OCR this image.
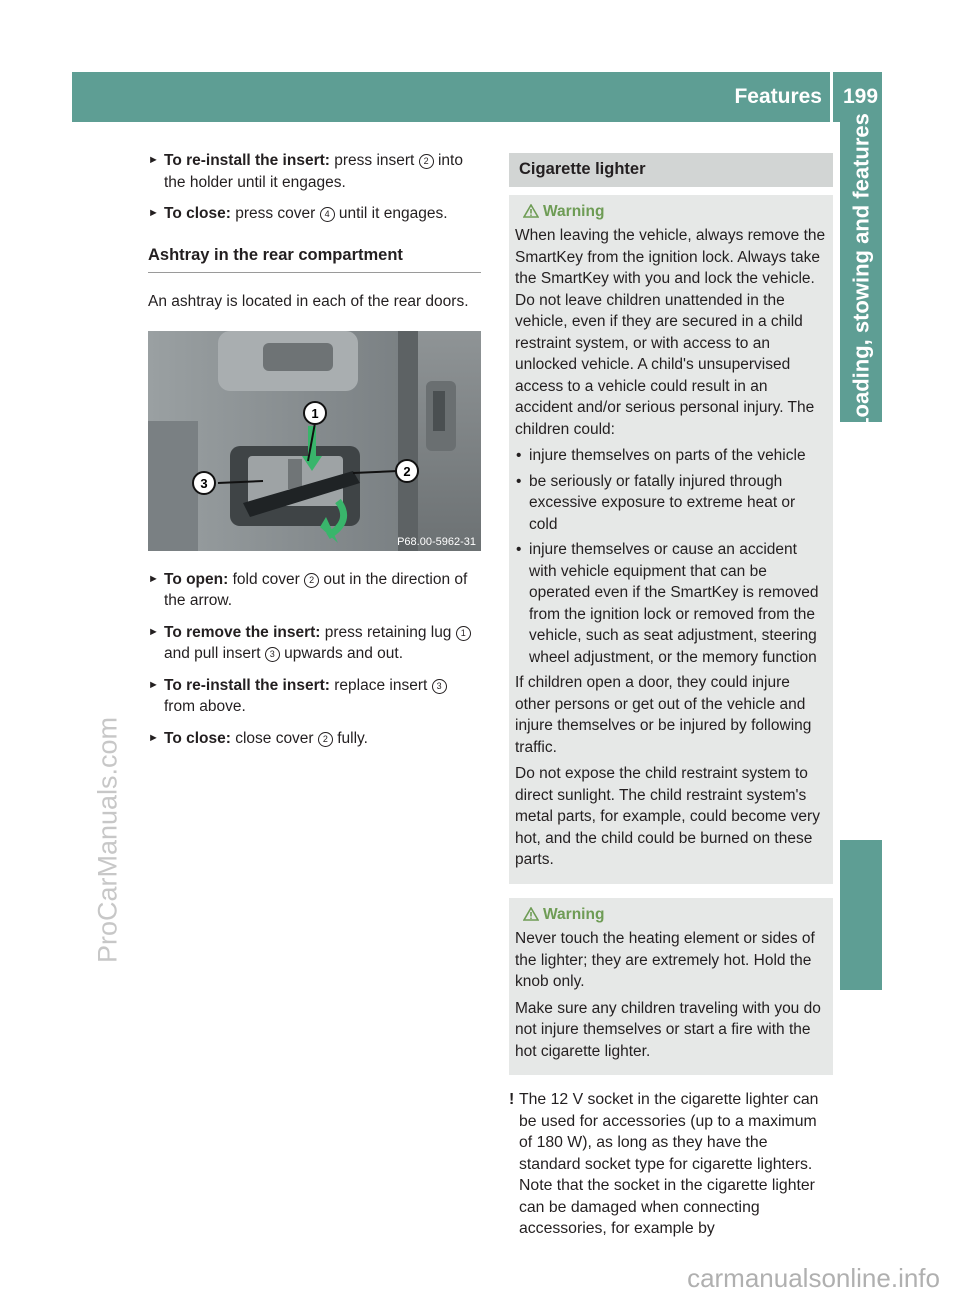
Features 199
Loading, stowing and features
ProCarManuals.com
► To re-install the insert: press insert 2 into the holder until it engages.
► To close: press cover 4 until it engages.
Ashtray in the rear compartment
An ashtray is located in each of the rear doors.
1
3
2
P68.00-5962-31
► To open: fold cover 2 out in the direction of the arrow.
► To remove the insert: press retaining lug 1 and pull insert 3 upwards and out.
► To re-install the insert: replace insert 3 from above.
► To close: close cover 2 fully.
Cigarette lighter
Warning

When leaving the vehicle, always remove the SmartKey from the ignition lock. Always take the SmartKey with you and lock the vehicle. Do not leave children unattended in the vehicle, even if they are secured in a child restraint system, or with access to an unlocked vehicle. A child's unsupervised access to a vehicle could result in an accident and/or serious personal injury. The children could:

• injure themselves on parts of the vehicle
• be seriously or fatally injured through excessive exposure to extreme heat or cold
• injure themselves or cause an accident with vehicle equipment that can be operated even if the SmartKey is removed from the ignition lock or removed from the vehicle, such as seat adjustment, steering wheel adjustment, or the memory function

If children open a door, they could injure other persons or get out of the vehicle and injure themselves or be injured by following traffic.

Do not expose the child restraint system to direct sunlight. The child restraint system's metal parts, for example, could become very hot, and the child could be burned on these parts.

Warning

Never touch the heating element or sides of the lighter; they are extremely hot. Hold the knob only.

Make sure any children traveling with you do not injure themselves or start a fire with the hot cigarette lighter.

! The 12 V socket in the cigarette lighter can be used for accessories (up to a maximum of 180 W), as long as they have the standard socket type for cigarette lighters. Note that the socket in the cigarette lighter can be damaged when connecting accessories, for example by
carmanualsonline.info
